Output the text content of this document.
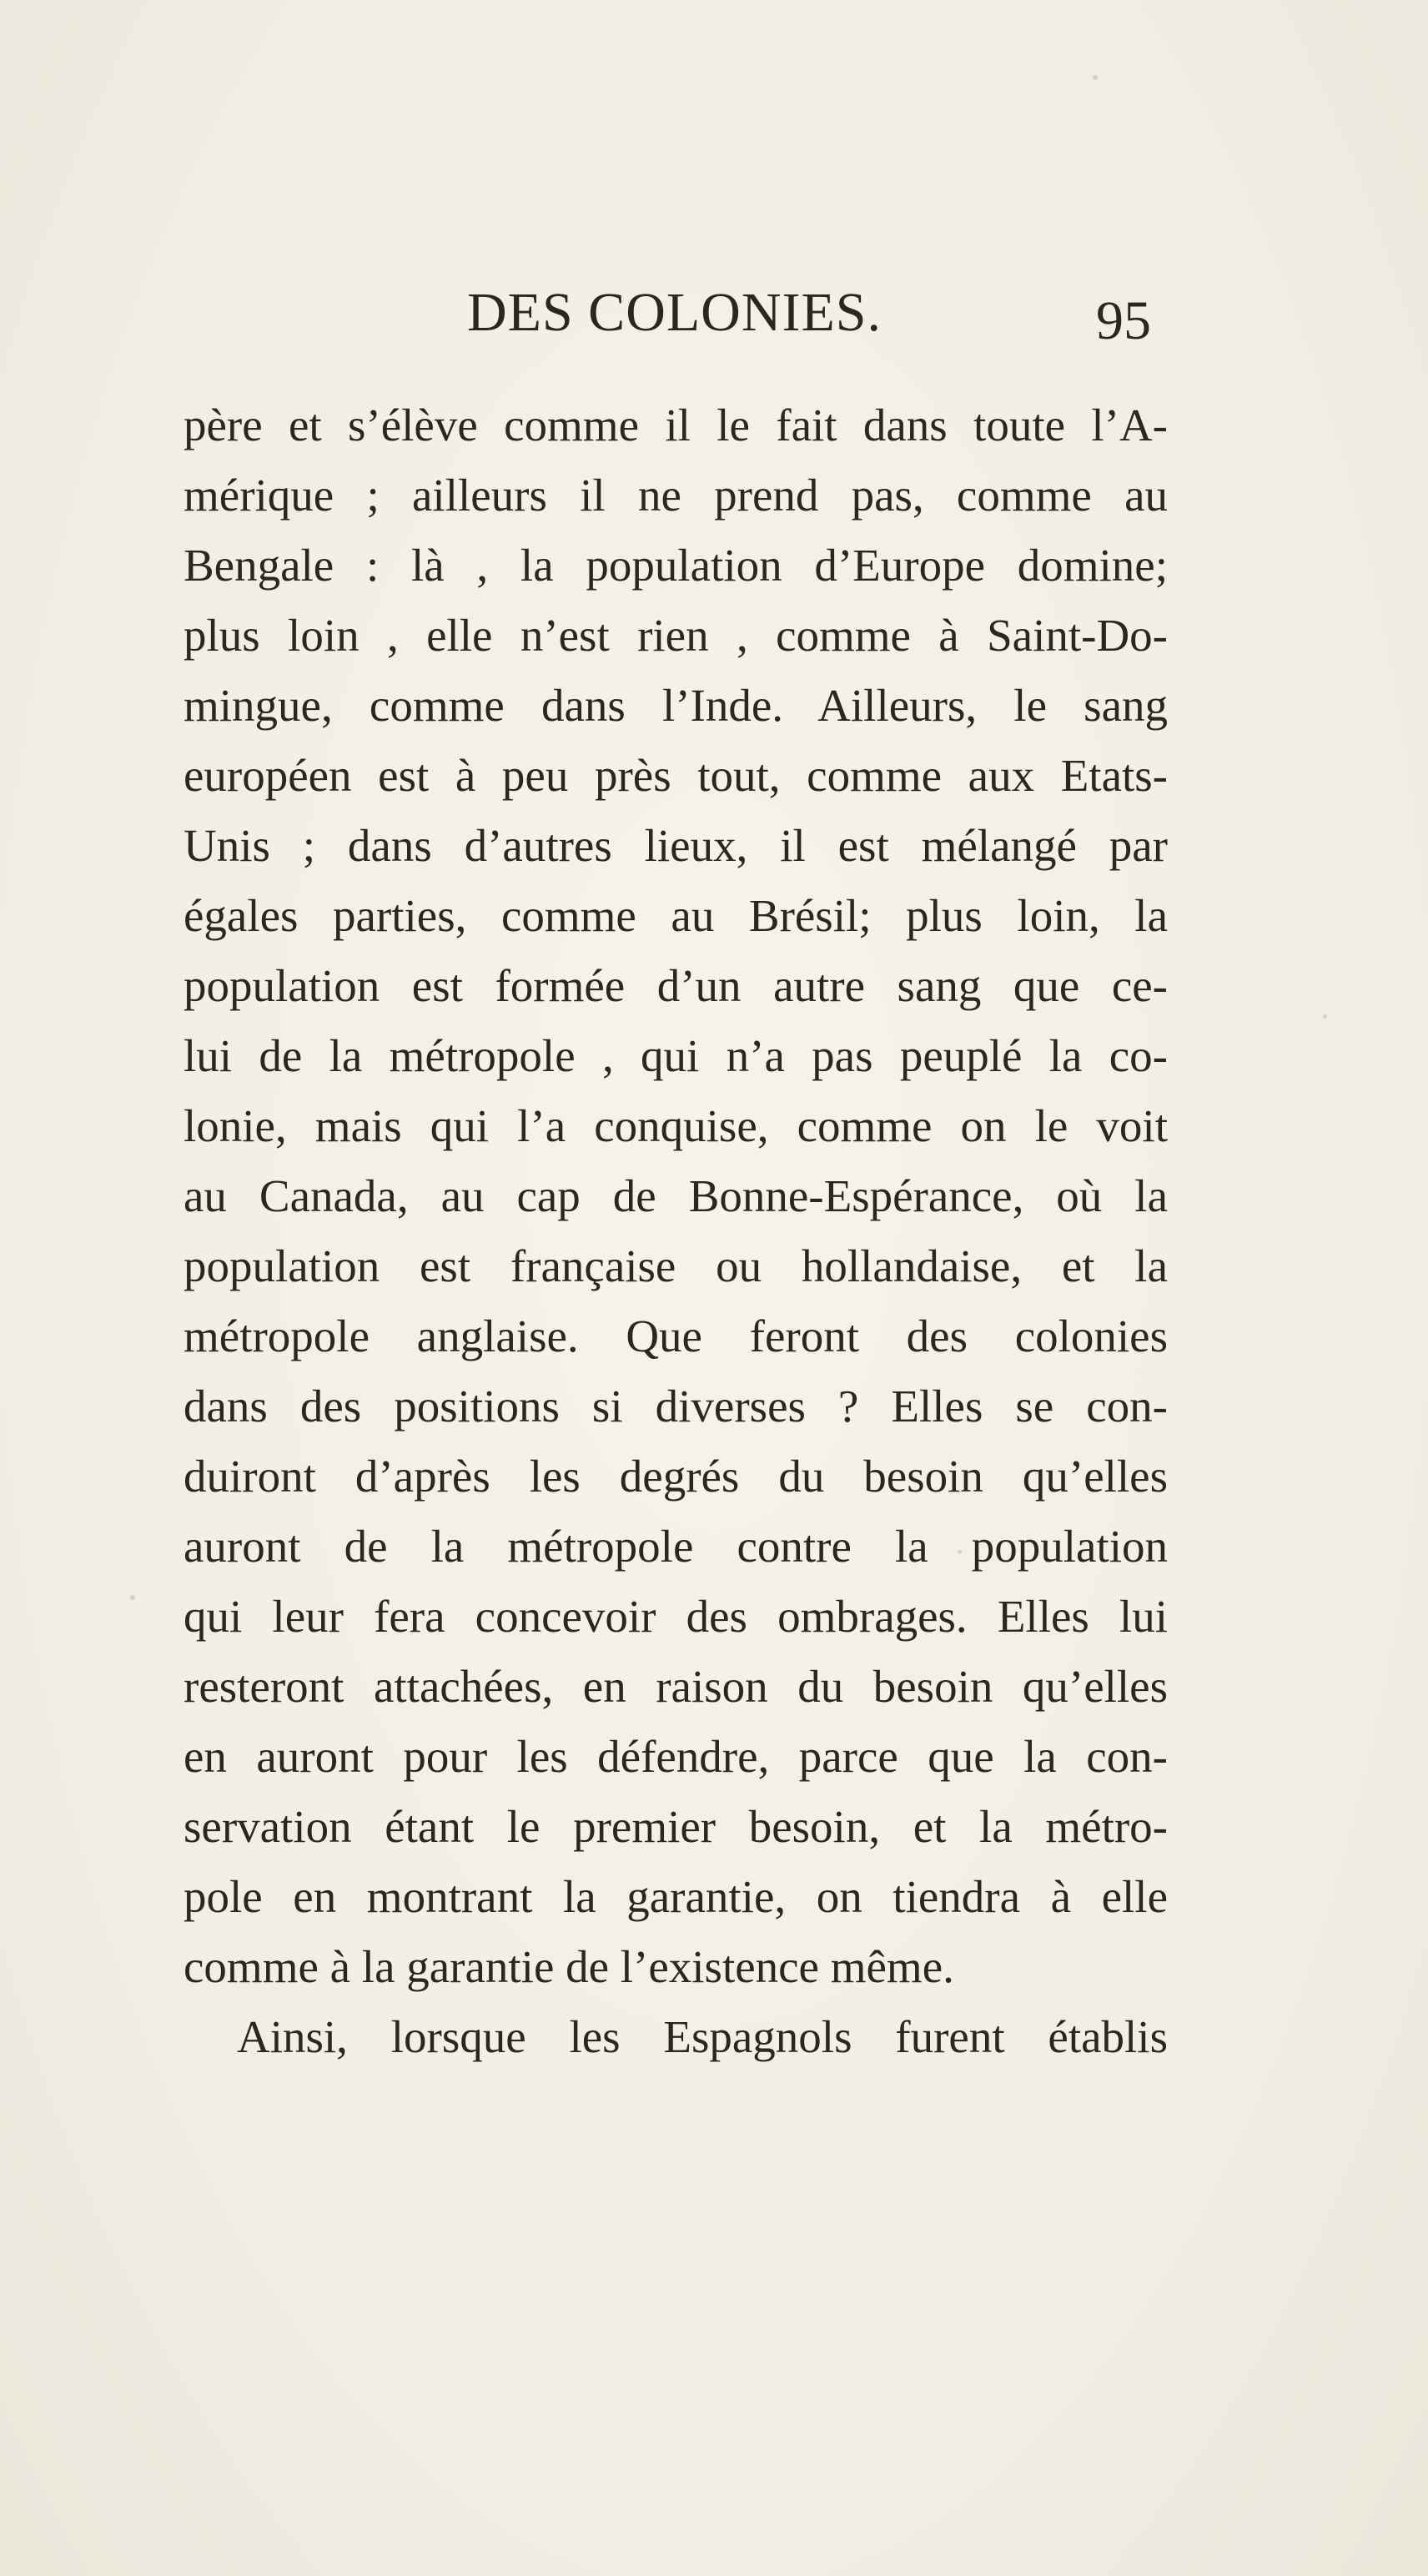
DES COLONIES.	95
père et s’élève comme il le fait dans toute l’A-
mérique ; ailleurs il ne prend pas, comme au
Bengale : là , la population d’Europe domine;
plus loin , elle n’est rien , comme à Saint-Do-
mingue, comme dans l’Inde. Ailleurs, le sang
européen est à peu près tout, comme aux Etats-
Unis ; dans d’autres lieux, il est mélangé par
égales parties, comme au Brésil; plus loin, la
population est formée d’un autre sang que ce-
lui de la métropole , qui n’a pas peuplé la co-
lonie, mais qui l’a conquise, comme on le voit
au Canada, au cap de Bonne-Espérance, où la
population est française ou hollandaise, et la
métropole anglaise. Que feront des colonies
dans des positions si diverses ? Elles se con-
duiront d’après les degrés du besoin qu’elles
auront de la métropole contre la population
qui leur fera concevoir des ombrages. Elles lui
resteront attachées, en raison du besoin qu’elles
en auront pour les défendre, parce que la con-
servation étant le premier besoin, et la métro-
pole en montrant la garantie, on tiendra à elle
comme à la garantie de l’existence même.
Ainsi, lorsque les Espagnols furent établis
